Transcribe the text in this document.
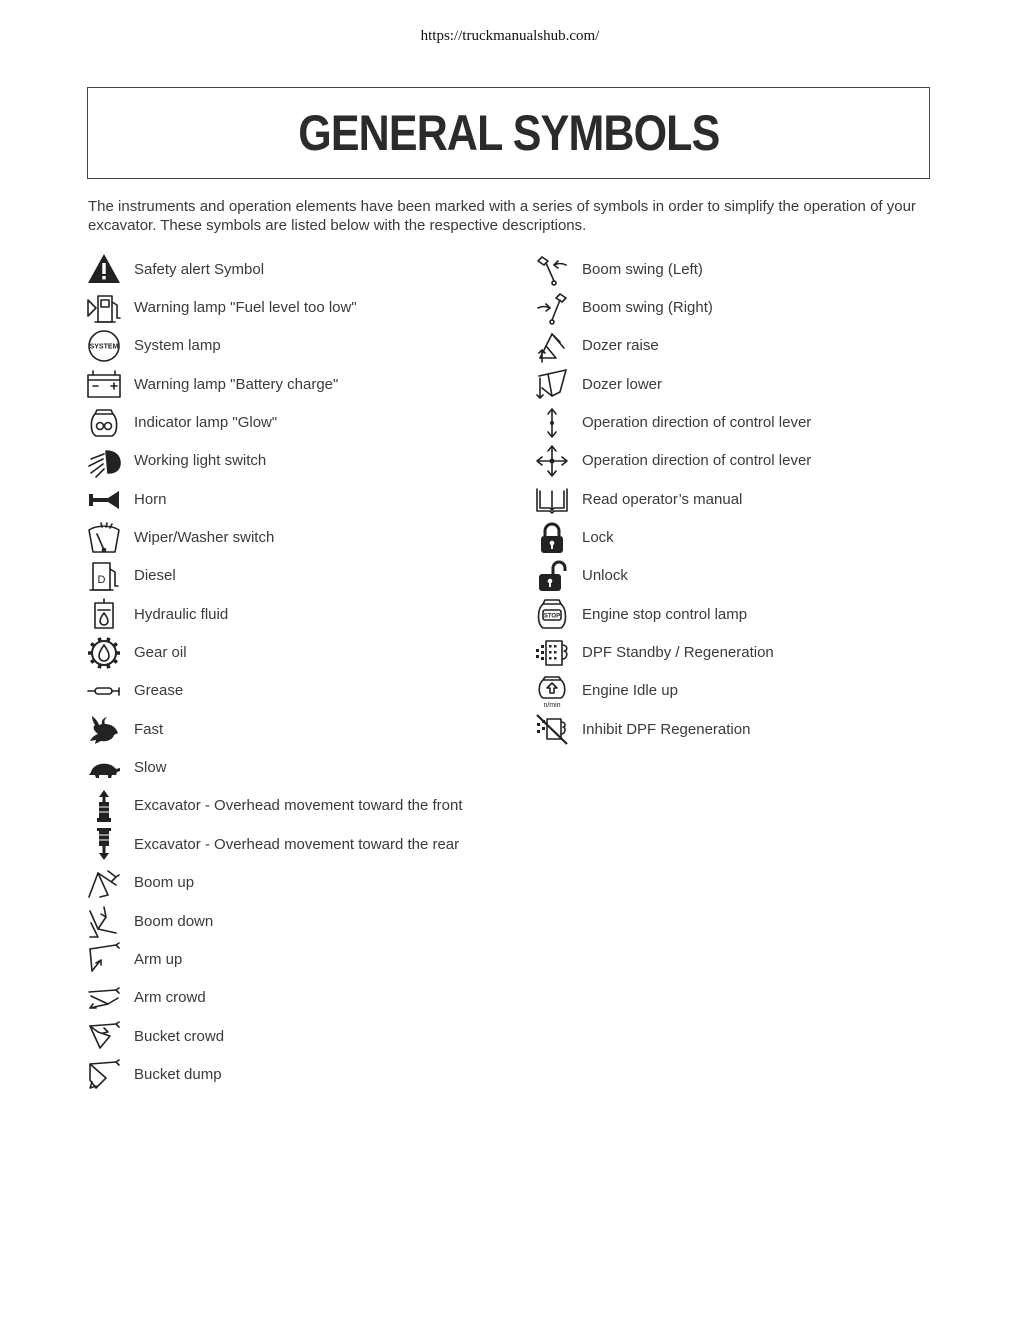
https://truckmanualshub.com/
GENERAL SYMBOLS
The instruments and operation elements have been marked with a series of symbols in order to simplify the operation of your excavator. These symbols are listed below with the respective descriptions.
Safety alert Symbol
Warning lamp "Fuel level too low"
SYSTEM System lamp
Warning lamp "Battery charge"
Indicator lamp "Glow"
Working light switch
Horn
Wiper/Washer switch
D Diesel
Hydraulic fluid
Gear oil
Grease
Fast
Slow
Excavator - Overhead movement toward the front
Excavator - Overhead movement toward the rear
Boom up
Boom down
Arm up
Arm crowd
Bucket crowd
Bucket dump
Boom swing (Left)
Boom swing (Right)
Dozer raise
Dozer lower
Operation direction of control lever
Operation direction of control lever
Read operator’s manual
Lock
Unlock
STOP Engine stop control lamp
DPF Standby / Regeneration
n/min
Engine Idle up
Inhibit DPF Regeneration
